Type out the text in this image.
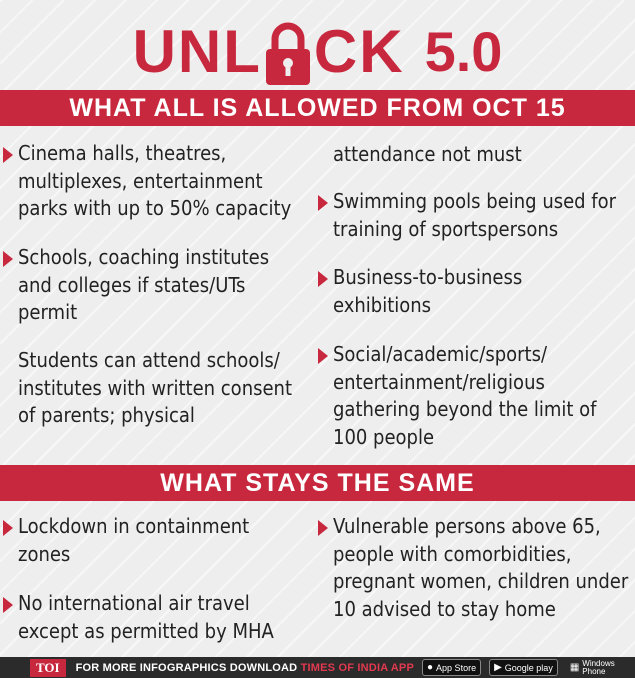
UNL CK 5.0
WHAT ALL IS ALLOWED FROM OCT 15
Cinema halls, theatres, multiplexes, entertainment parks with up to 50% capacity
Schools, coaching institutes and colleges if states/UTs permit
Students can attend schools/ institutes with written consent of parents; physical
attendance not must
Swimming pools being used for training of sportspersons
Business-to-business exhibitions
Social/academic/sports/ entertainment/religious gathering beyond the limit of 100 people
WHAT STAYS THE SAME
Lockdown in containment zones
No international air travel except as permitted by MHA
Vulnerable persons above 65, people with comorbidities, pregnant women, children under 10 advised to stay home
TOI	FOR MORE INFOGRAPHICS DOWNLOAD TIMES OF INDIA APP ● App Store ▶ Google play ▦ Windows Phone
